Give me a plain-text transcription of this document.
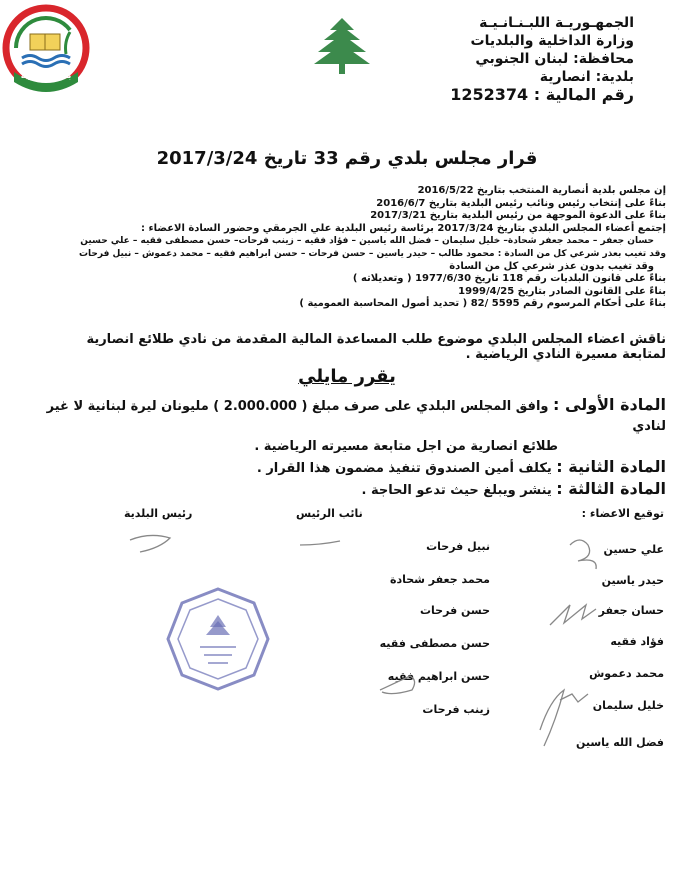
بلدية أنصارية
الجمهـوريـة اللبـنـانـيـة
وزارة الداخلية والبلديات
محافظة: لبنان الجنوبي
بلدية: انصارية
رقم المالية : 1252374
قرار مجلس بلدي رقم 33 تاريخ 2017/3/24
إن مجلس بلدية أنصارية المنتخب بتاريخ 2016/5/22
بناءً على إنتخاب رئيس ونائب رئيس البلدية بتاريخ 2016/6/7
بناءً على الدعوة الموجهة من رئيس البلدية بتاريخ 2017/3/21
إجتمع أعضاء المجلس البلدي بتاريخ 2017/3/24 برئاسة رئيس البلدية علي الجرمقي وحضور السادة الاعضاء :
حسان جعفر – محمد جعفر شحادة– خليل سليمان – فضل الله ياسين – فؤاد فقيه – زينب فرحات– حسن مصطفى فقيه – علي حسين
وقد تغيب بعذر شرعي كل من السادة : محمود طالب – حيدر ياسين – حسن فرحات – حسن ابراهيم فقيه – محمد دعموش – نبيل فرحات
وقد تغيب بدون عذر شرعي كل من السادة
بناءً على قانون البلديات رقم 118 تاريخ 1977/6/30 ( وتعديلاته )
بناءً على القانون الصادر بتاريخ 1999/4/25
بناءً على أحكام المرسوم رقم 5595 /82 ( تحديد أصول المحاسبة العمومية )
ناقش اعضاء المجلس البلدي موضوع طلب المساعدة المالية المقدمة من نادي طلائع انصارية لمتابعة مسيرة النادي الرياضية .
يقرر مايلي
المادة الأولى : وافق المجلس البلدي على صرف مبلغ ( 2.000.000 ) مليونان ليرة لبنانية لا غير لنادي
طلائع انصارية من اجل متابعة مسيرته الرياضية .
المادة الثانية : يكلف أمين الصندوق تنفيذ مضمون هذا القرار .
المادة الثالثة : ينشر ويبلغ حيث تدعو الحاجة .
توقيع الاعضاء :
نائب الرئيس
رئيس البلدية
علي حسين
حيدر ياسين
حسان جعفر
فؤاد فقيه
محمد دعموش
خليل سليمان
فضل الله ياسين
نبيل فرحات
محمد جعفر شحادة
حسن فرحات
حسن مصطفى فقيه
حسن ابراهيم فقيه
زينب فرحات
